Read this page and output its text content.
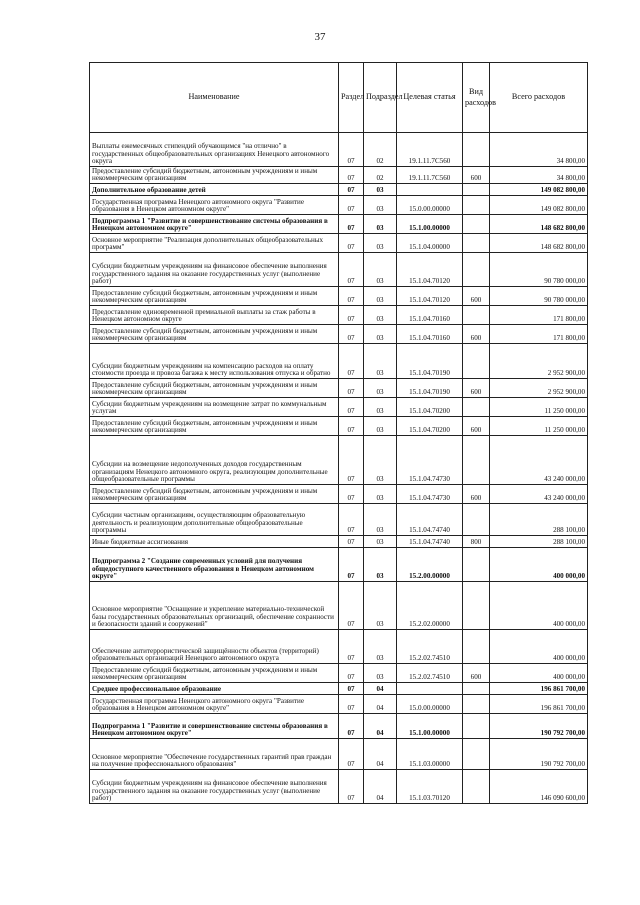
37
Наименование	Раздел	Подраздел	Целевая статья	Вид расходов	Всего расходов
Выплаты ежемесячных стипендий обучающимся "на отлично" в государственных общеобразовательных организациях Ненецкого автономного округа	07	02	19.1.11.7С560		34 800,00
Предоставление субсидий бюджетным, автономным учреждениям и иным некоммерческим организациям	07	02	19.1.11.7С560	600	34 800,00
Дополнительное образование детей	07	03			149 082 800,00
Государственная программа Ненецкого автономного округа "Развитие образования в Ненецком автономном округе"	07	03	15.0.00.00000		149 082 800,00
Подпрограмма 1 "Развитие и совершенствование системы образования в Ненецком автономном округе"	07	03	15.1.00.00000		148 682 800,00
Основное мероприятие "Реализация дополнительных общеобразовательных программ"	07	03	15.1.04.00000		148 682 800,00
Субсидии бюджетным учреждениям на финансовое обеспечение выполнения государственного задания на оказание государственных услуг (выполнение работ)	07	03	15.1.04.70120		90 780 000,00
Предоставление субсидий бюджетным, автономным учреждениям и иным некоммерческим организациям	07	03	15.1.04.70120	600	90 780 000,00
Предоставление единовременной премиальной выплаты за стаж работы в Ненецком автономном округе	07	03	15.1.04.70160		171 800,00
Предоставление субсидий бюджетным, автономным учреждениям и иным некоммерческим организациям	07	03	15.1.04.70160	600	171 800,00
Субсидии бюджетным учреждениям на компенсацию расходов на оплату стоимости проезда и провоза багажа к месту использования отпуска и обратно	07	03	15.1.04.70190		2 952 900,00
Предоставление субсидий бюджетным, автономным учреждениям и иным некоммерческим организациям	07	03	15.1.04.70190	600	2 952 900,00
Субсидии бюджетным учреждениям на возмещение затрат по коммунальным услугам	07	03	15.1.04.70200		11 250 000,00
Предоставление субсидий бюджетным, автономным учреждениям и иным некоммерческим организациям	07	03	15.1.04.70200	600	11 250 000,00
Субсидии на возмещение недополученных доходов государственным организациям Ненецкого автономного округа, реализующим дополнительные общеобразовательные программы	07	03	15.1.04.74730		43 240 000,00
Предоставление субсидий бюджетным, автономным учреждениям и иным некоммерческим организациям	07	03	15.1.04.74730	600	43 240 000,00
Субсидии частным организациям, осуществляющим образовательную деятельность и реализующим дополнительные общеобразовательные программы	07	03	15.1.04.74740		288 100,00
Иные бюджетные ассигнования	07	03	15.1.04.74740	800	288 100,00
Подпрограмма 2 "Создание современных условий для получения общедоступного качественного образования в Ненецком автономном округе"	07	03	15.2.00.00000		400 000,00
Основное мероприятие "Оснащение и укрепление материально-технической базы государственных образовательных организаций, обеспечение сохранности и безопасности зданий и сооружений"	07	03	15.2.02.00000		400 000,00
Обеспечение антитеррористической защищённости объектов (территорий) образовательных организаций Ненецкого автономного округа	07	03	15.2.02.74510		400 000,00
Предоставление субсидий бюджетным, автономным учреждениям и иным некоммерческим организациям	07	03	15.2.02.74510	600	400 000,00
Среднее профессиональное образование	07	04			196 861 700,00
Государственная программа Ненецкого автономного округа "Развитие образования в Ненецком автономном округе"	07	04	15.0.00.00000		196 861 700,00
Подпрограмма 1 "Развитие и совершенствование системы образования в Ненецком автономном округе"	07	04	15.1.00.00000		190 792 700,00
Основное мероприятие "Обеспечение государственных гарантий прав граждан на получение профессионального образования"	07	04	15.1.03.00000		190 792 700,00
Субсидии бюджетным учреждениям на финансовое обеспечение выполнения государственного задания на оказание государственных услуг (выполнение работ)	07	04	15.1.03.70120		146 090 600,00
